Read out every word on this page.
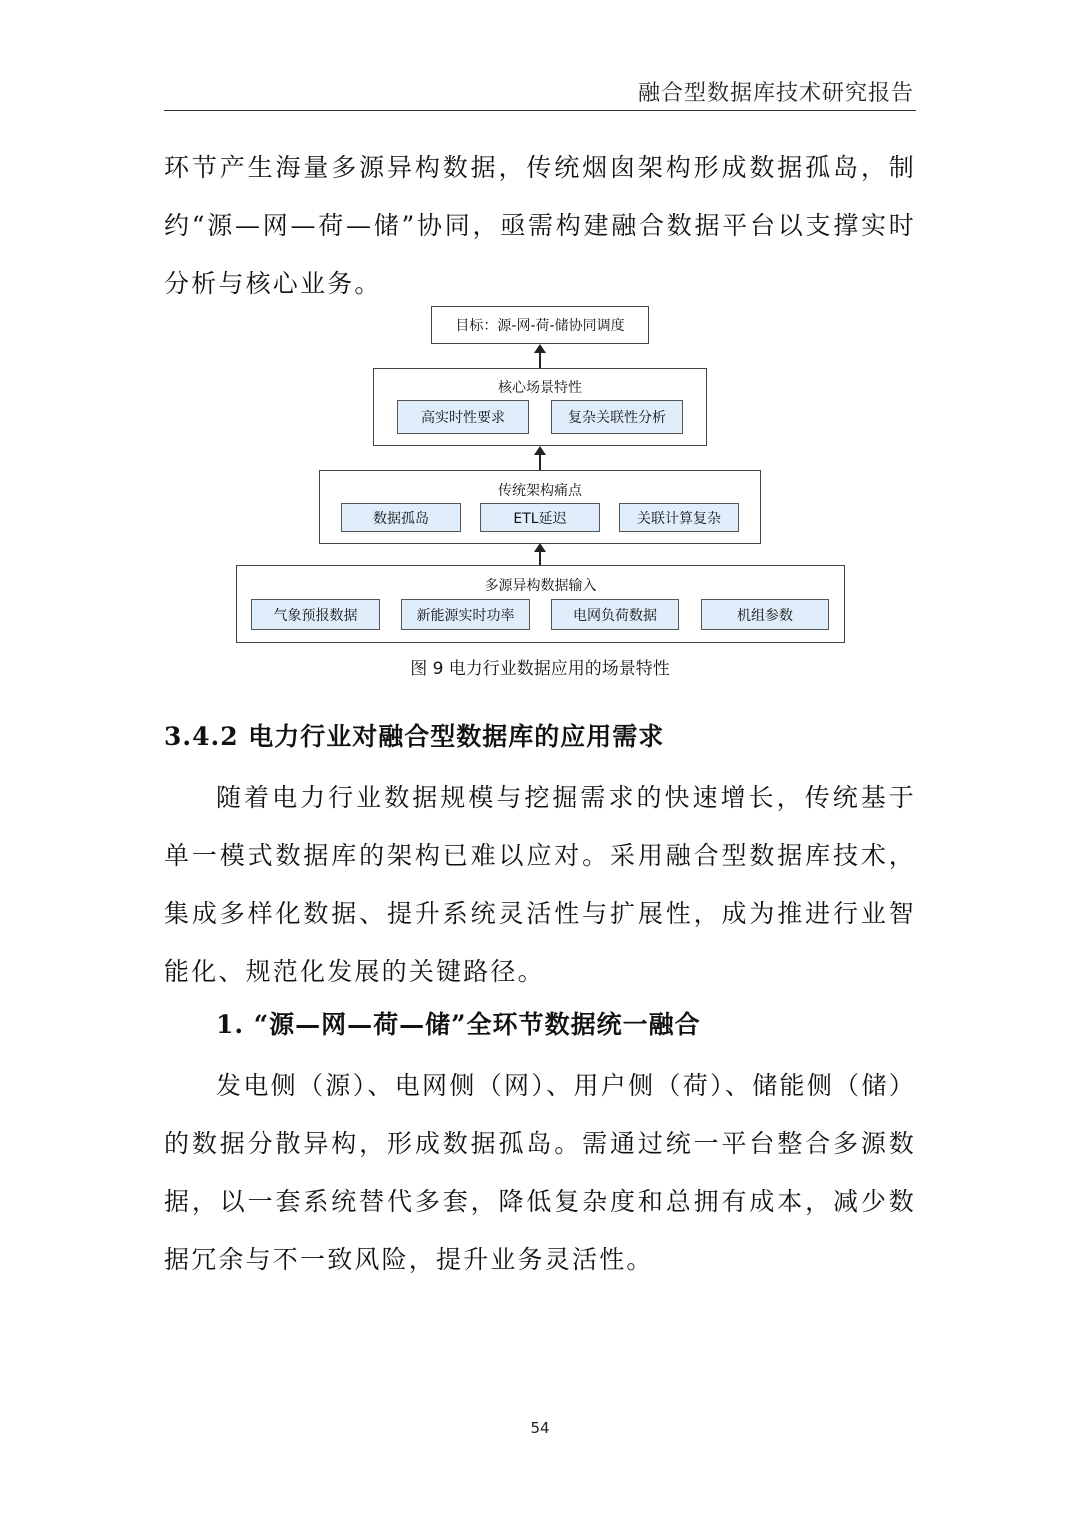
融合型数据库技术研究报告

环节产生海量多源异构数据，传统烟囱架构形成数据孤岛，制约“源—网—荷—储”协同，亟需构建融合数据平台以支撑实时分析与核心业务。

目标：源-网-荷-储协同调度
核心场景特性
高实时性要求	复杂关联性分析
传统架构痛点
数据孤岛	ETL延迟	关联计算复杂
多源异构数据输入
气象预报数据	新能源实时功率	电网负荷数据	机组参数
图 9 电力行业数据应用的场景特性
3.4.2 电力行业对融合型数据库的应用需求

随着电力行业数据规模与挖掘需求的快速增长，传统基于单一模式数据库的架构已难以应对。采用融合型数据库技术，集成多样化数据、提升系统灵活性与扩展性，成为推进行业智能化、规范化发展的关键路径。

1. “源—网—荷—储”全环节数据统一融合

发电侧（源）、电网侧（网）、用户侧（荷）、储能侧（储）的数据分散异构，形成数据孤岛。需通过统一平台整合多源数据，以一套系统替代多套，降低复杂度和总拥有成本，减少数据冗余与不一致风险，提升业务灵活性。

54
